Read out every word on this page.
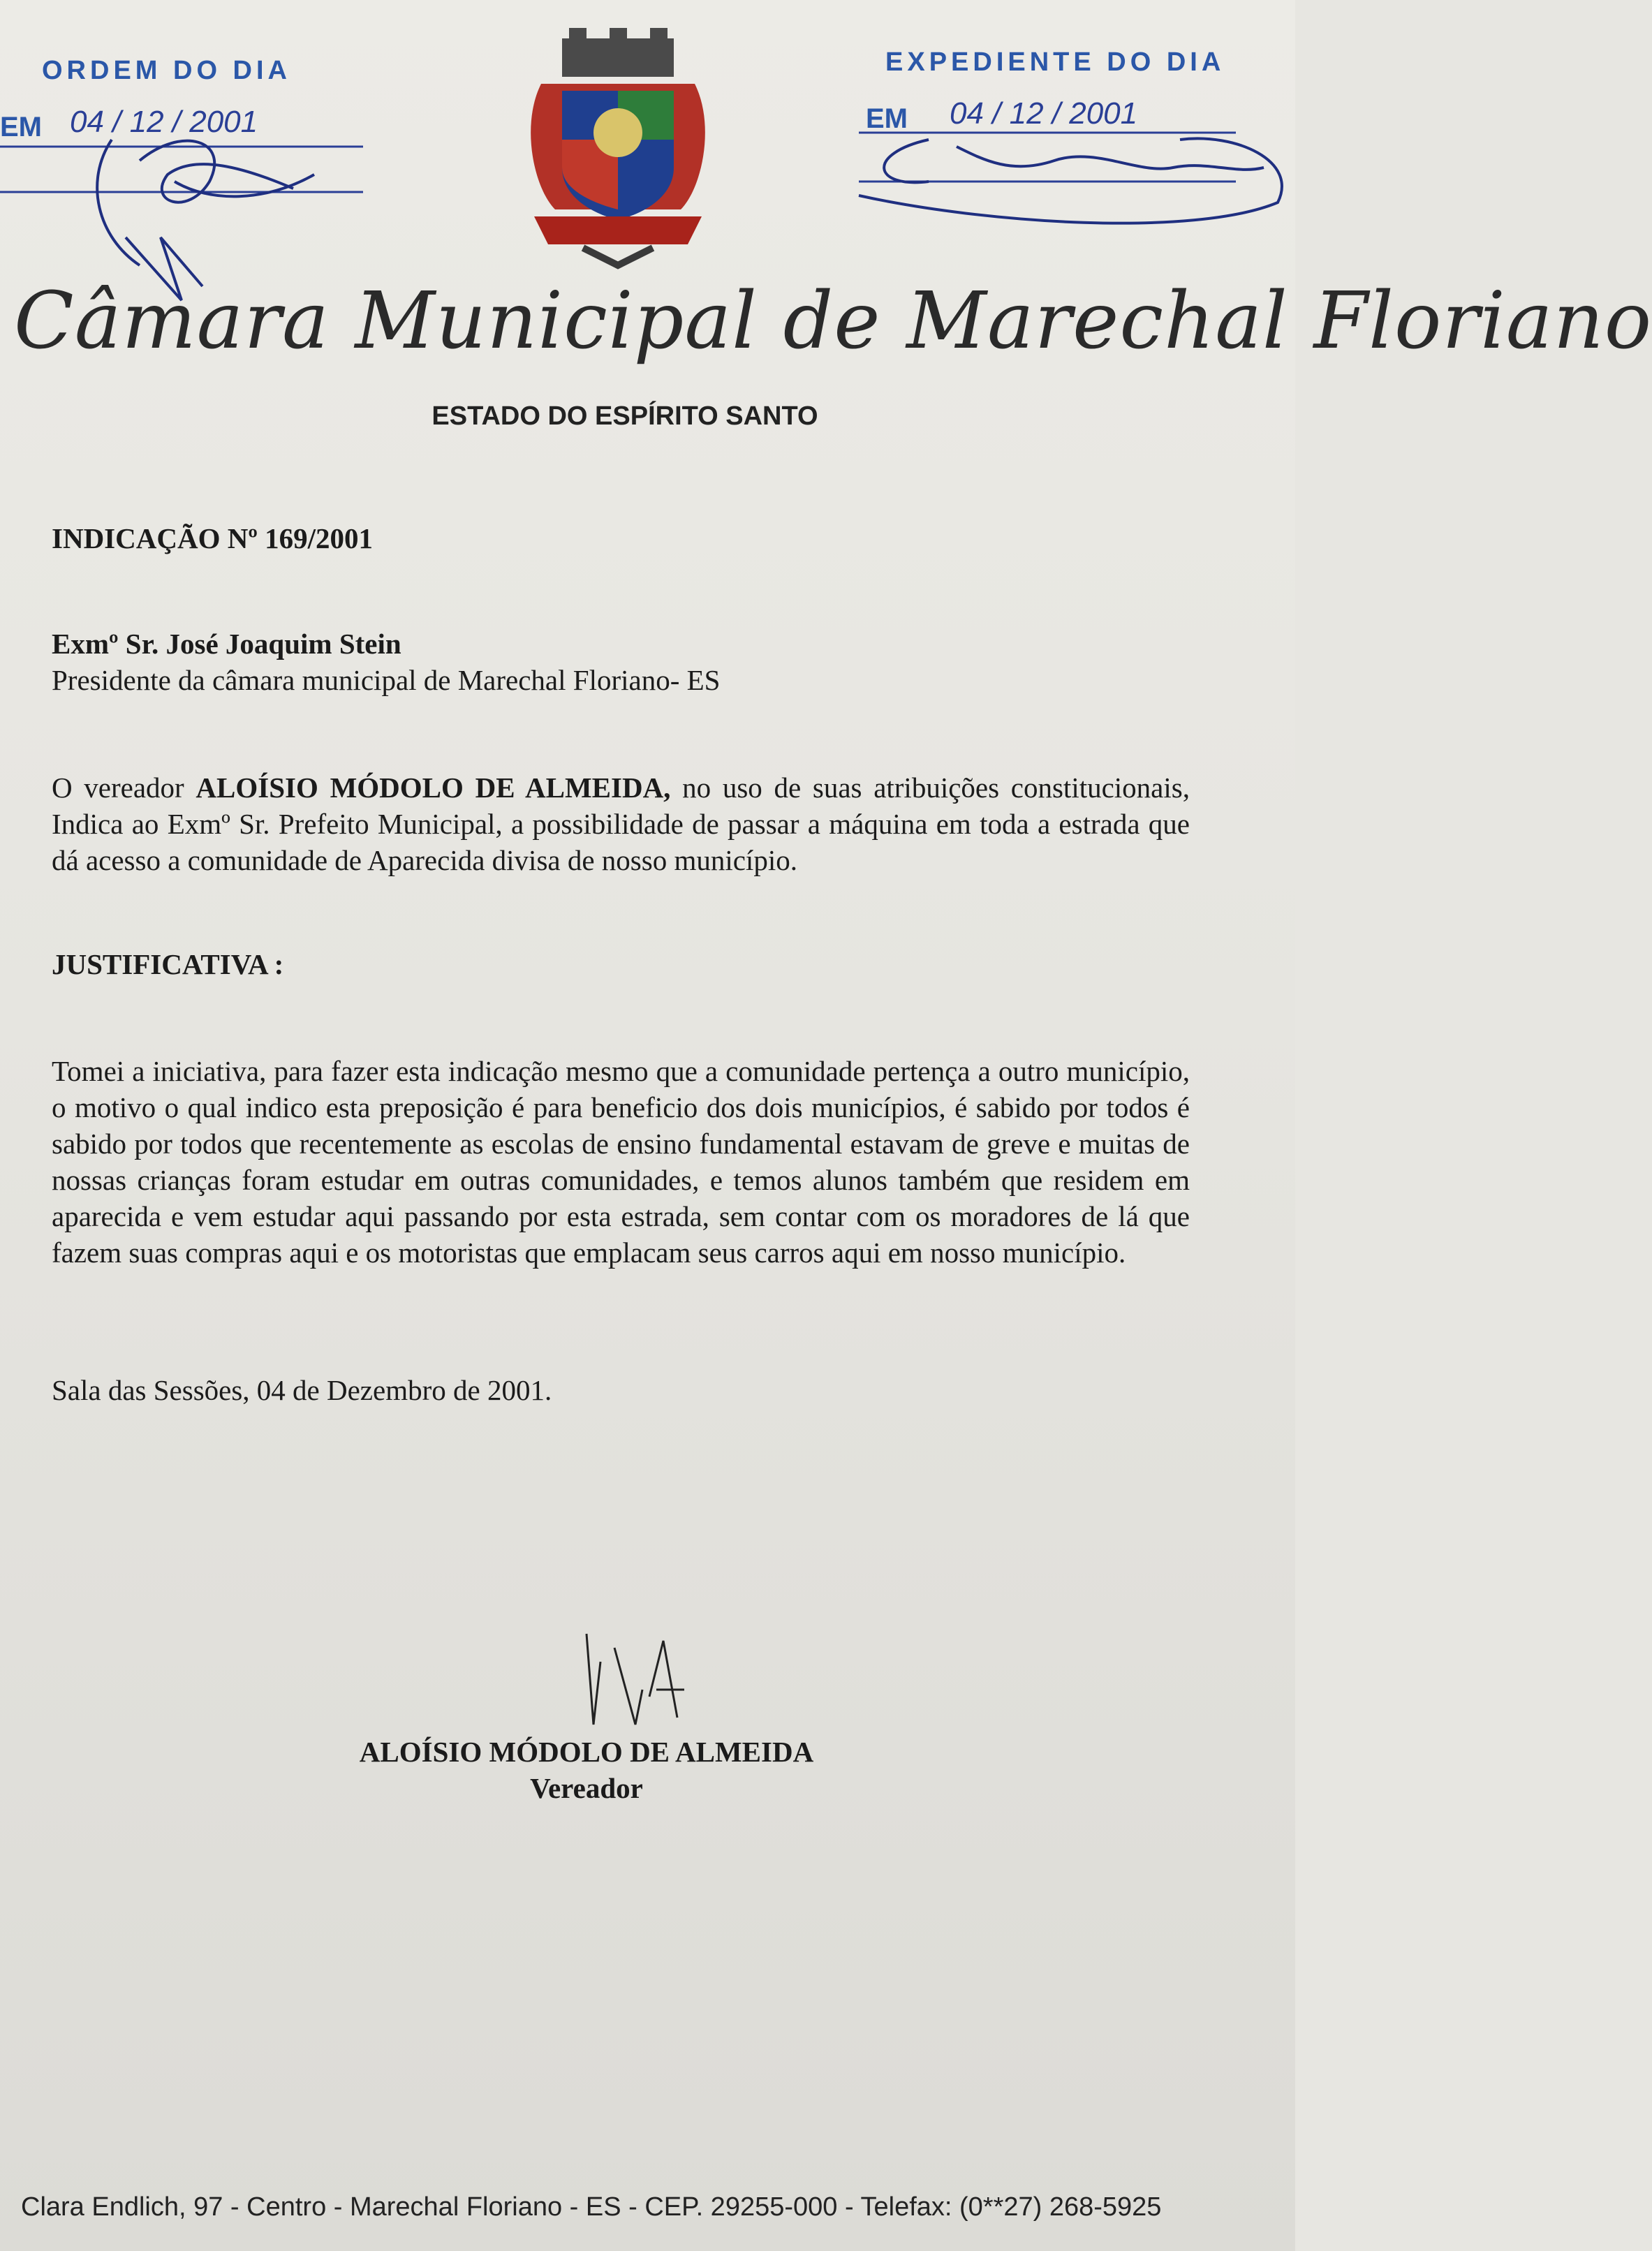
ORDEM DO DIA
EM 04 / 12 / 2001
EXPEDIENTE DO DIA
EM 04 / 12 / 2001
Câmara Municipal de Marechal Floriano
ESTADO DO ESPÍRITO SANTO
INDICAÇÃO Nº 169/2001
Exmº Sr. José Joaquim Stein
Presidente da câmara municipal de Marechal Floriano- ES
O vereador ALOÍSIO MÓDOLO DE ALMEIDA, no uso de suas atribuições constitucionais, Indica ao Exmº Sr. Prefeito Municipal, a possibilidade de passar a máquina em toda a estrada que dá acesso a comunidade de Aparecida divisa de nosso município.
JUSTIFICATIVA :
Tomei a iniciativa, para fazer esta indicação mesmo que a comunidade pertença a outro município, o motivo o qual indico esta preposição é para beneficio dos dois municípios, é sabido por todos é sabido por todos que recentemente as escolas de ensino fundamental estavam de greve e muitas de nossas crianças foram estudar em outras comunidades, e temos alunos também que residem em aparecida e vem estudar aqui passando por esta estrada, sem contar com os moradores de lá que fazem suas compras aqui e os motoristas que emplacam seus carros aqui em nosso município.
Sala das Sessões, 04 de Dezembro de 2001.
ALOÍSIO MÓDOLO DE ALMEIDA
Vereador
Clara Endlich, 97 - Centro - Marechal Floriano - ES - CEP. 29255-000 - Telefax: (0**27) 268-5925
